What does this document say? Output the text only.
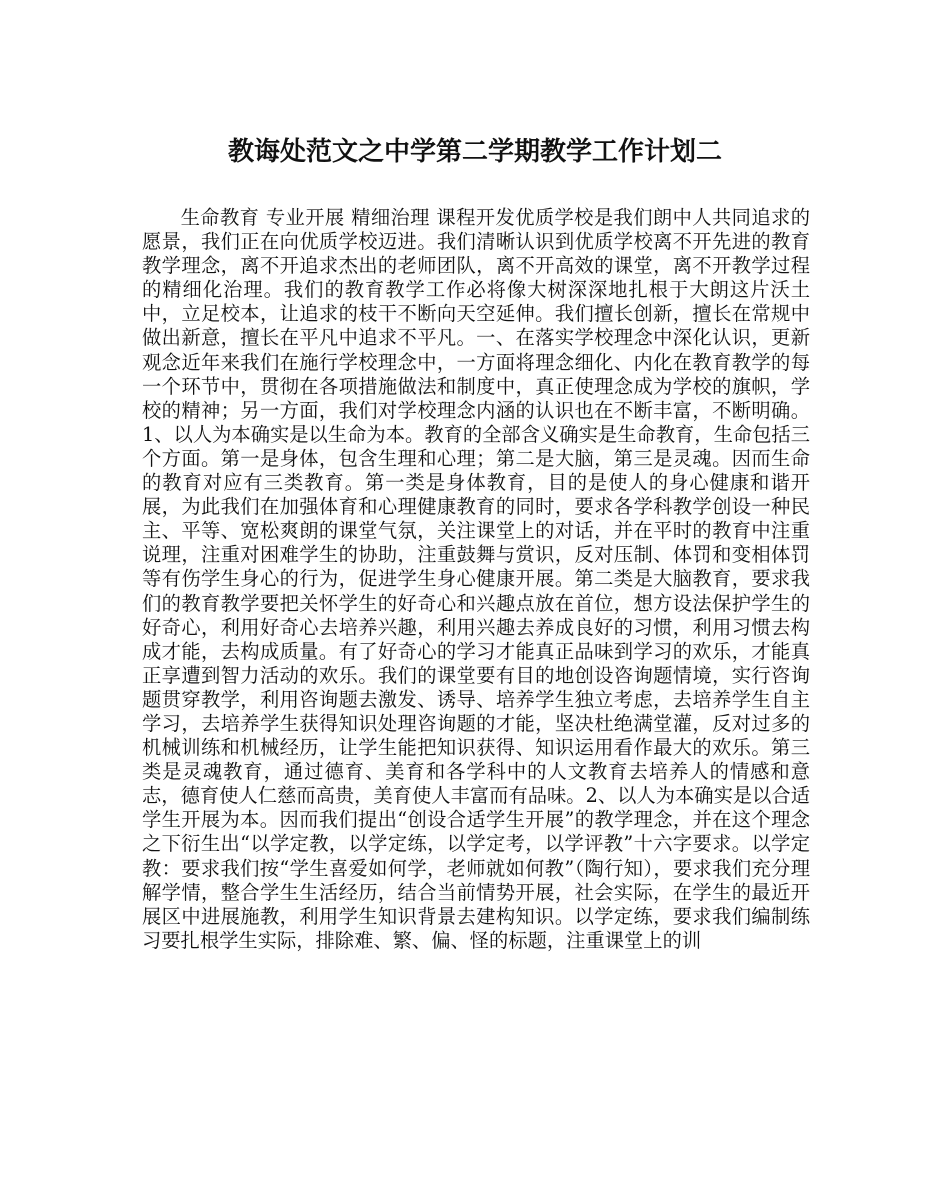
教诲处范文之中学第二学期教学工作计划二

生命教育 专业开展 精细治理 课程开发优质学校是我们朗中人共同追求的愿景，我们正在向优质学校迈进。我们清晰认识到优质学校离不开先进的教育教学理念，离不开追求杰出的老师团队，离不开高效的课堂，离不开教学过程的精细化治理。我们的教育教学工作必将像大树深深地扎根于大朗这片沃土中，立足校本，让追求的枝干不断向天空延伸。我们擅长创新，擅长在常规中做出新意，擅长在平凡中追求不平凡。一、在落实学校理念中深化认识，更新观念近年来我们在施行学校理念中，一方面将理念细化、内化在教育教学的每一个环节中，贯彻在各项措施做法和制度中，真正使理念成为学校的旗帜，学校的精神；另一方面，我们对学校理念内涵的认识也在不断丰富，不断明确。1、以人为本确实是以生命为本。教育的全部含义确实是生命教育，生命包括三个方面。第一是身体，包含生理和心理；第二是大脑，第三是灵魂。因而生命的教育对应有三类教育。第一类是身体教育，目的是使人的身心健康和谐开展，为此我们在加强体育和心理健康教育的同时，要求各学科教学创设一种民主、平等、宽松爽朗的课堂气氛，关注课堂上的对话，并在平时的教育中注重说理，注重对困难学生的协助，注重鼓舞与赏识，反对压制、体罚和变相体罚等有伤学生身心的行为，促进学生身心健康开展。第二类是大脑教育，要求我们的教育教学要把关怀学生的好奇心和兴趣点放在首位，想方设法保护学生的好奇心，利用好奇心去培养兴趣，利用兴趣去养成良好的习惯，利用习惯去构成才能，去构成质量。有了好奇心的学习才能真正品味到学习的欢乐，才能真正享遭到智力活动的欢乐。我们的课堂要有目的地创设咨询题情境，实行咨询题贯穿教学，利用咨询题去激发、诱导、培养学生独立考虑，去培养学生自主学习，去培养学生获得知识处理咨询题的才能，坚决杜绝满堂灌，反对过多的机械训练和机械经历，让学生能把知识获得、知识运用看作最大的欢乐。第三类是灵魂教育，通过德育、美育和各学科中的人文教育去培养人的情感和意志，德育使人仁慈而高贵，美育使人丰富而有品味。2、以人为本确实是以合适学生开展为本。因而我们提出“创设合适学生开展”的教学理念，并在这个理念之下衍生出“以学定教，以学定练，以学定考，以学评教”十六字要求。以学定教：要求我们按“学生喜爱如何学，老师就如何教”（陶行知），要求我们充分理解学情，整合学生生活经历，结合当前情势开展，社会实际，在学生的最近开展区中进展施教，利用学生知识背景去建构知识。以学定练，要求我们编制练习要扎根学生实际，排除难、繁、偏、怪的标题，注重课堂上的训
